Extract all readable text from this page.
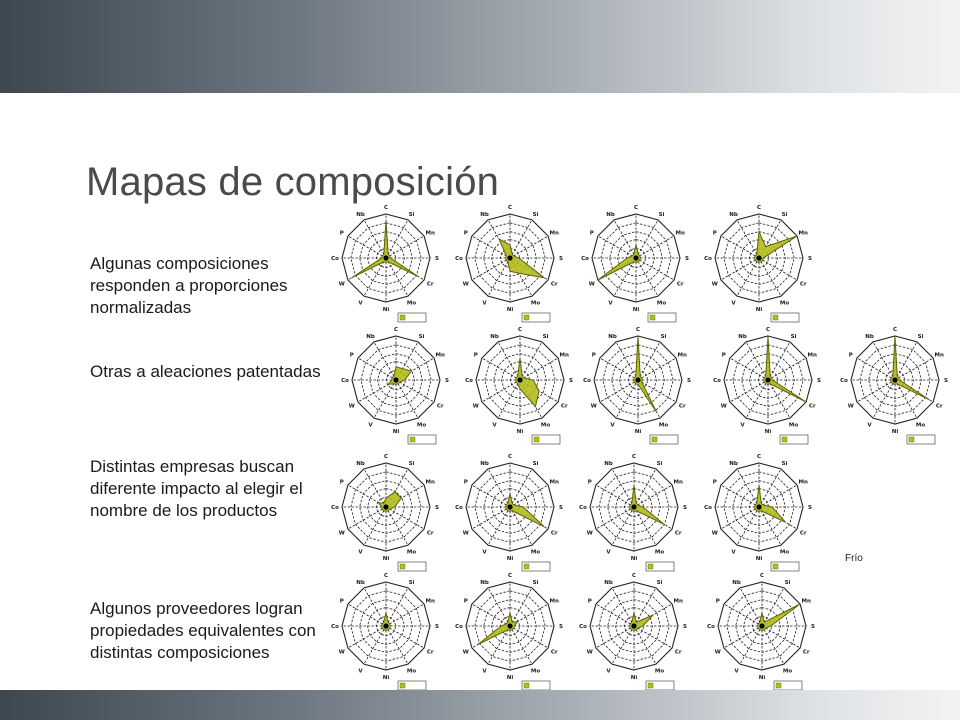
Mapas de composición
Algunas composiciones responden a proporciones normalizadas
Otras a aleaciones patentadas
Distintas empresas buscan diferente impacto al elegir el nombre de los productos
Algunos proveedores logran propiedades equivalentes con distintas composiciones
C
Si
Mn
S
Cr
Mo
Ni
V
W
Co
P
Nb
C
Si
Mn
S
Cr
Mo
Ni
V
W
Co
P
Nb
C
Si
Mn
S
Cr
Mo
Ni
V
W
Co
P
Nb
C
Si
Mn
S
Cr
Mo
Ni
V
W
Co
P
Nb
C
Si
Mn
S
Cr
Mo
Ni
V
W
Co
P
Nb
C
Si
Mn
S
Cr
Mo
Ni
V
W
Co
P
Nb
C
Si
Mn
S
Cr
Mo
Ni
V
W
Co
P
Nb
C
Si
Mn
S
Cr
Mo
Ni
V
W
Co
P
Nb
C
Si
Mn
S
Cr
Mo
Ni
V
W
Co
P
Nb
C
Si
Mn
S
Cr
Mo
Ni
V
W
Co
P
Nb
C
Si
Mn
S
Cr
Mo
Ni
V
W
Co
P
Nb
C
Si
Mn
S
Cr
Mo
Ni
V
W
Co
P
Nb
C
Si
Mn
S
Cr
Mo
Ni
V
W
Co
P
Nb
C
Si
Mn
S
Cr
Mo
Ni
V
W
Co
P
Nb
C
Si
Mn
S
Cr
Mo
Ni
V
W
Co
P
Nb
C
Si
Mn
S
Cr
Mo
Ni
V
W
Co
P
Nb
C
Si
Mn
S
Cr
Mo
Ni
V
W
Co
P
Nb
Frío
